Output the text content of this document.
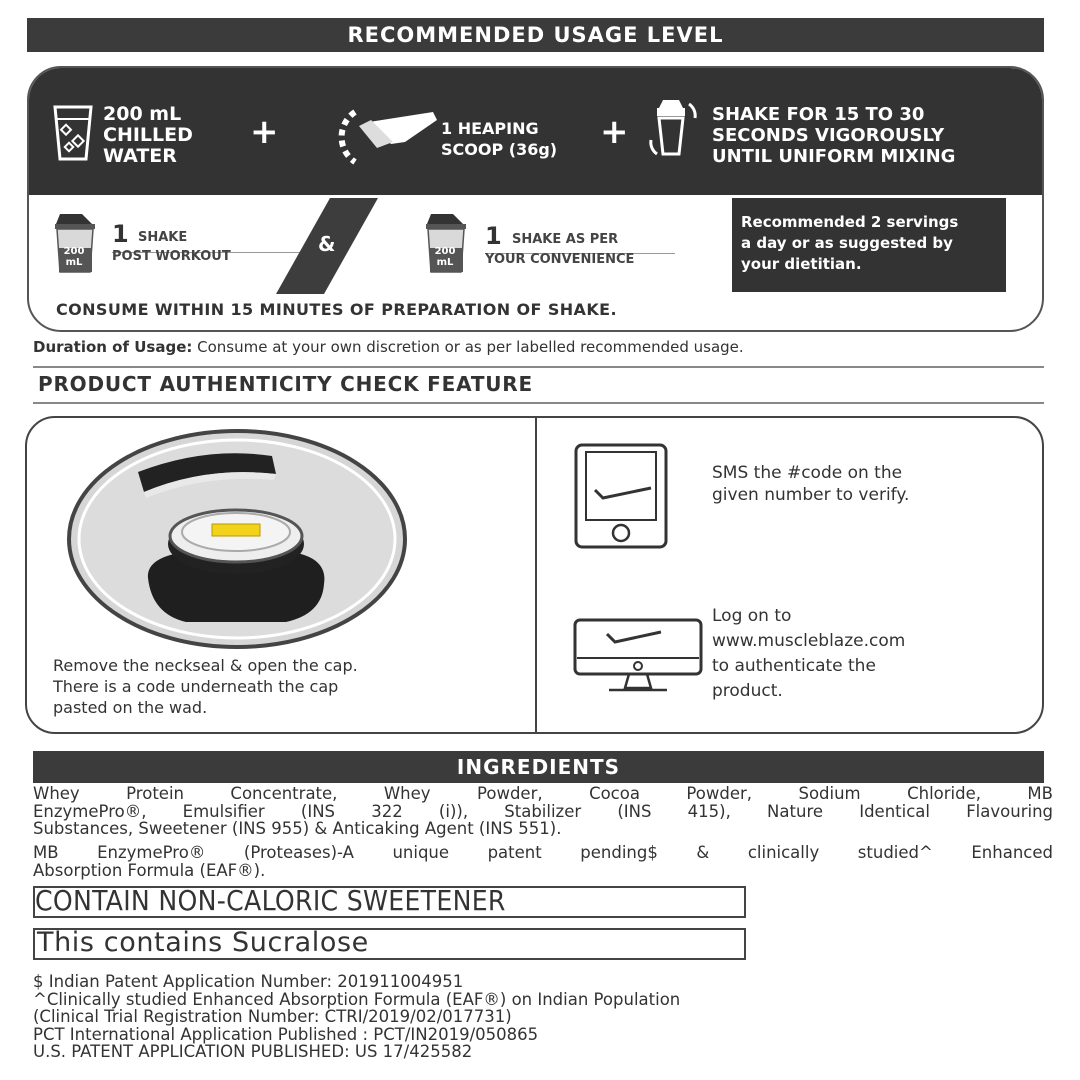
RECOMMENDED USAGE LEVEL
200 mL
CHILLED
WATER
+	1 HEAPING
SCOOP (36g) +	SHAKE FOR 15 TO 30
SECONDS VIGOROUSLY
UNTIL UNIFORM MIXING
200
mL
1 SHAKE
POST WORKOUT
&	200
mL
1 SHAKE AS PER
YOUR CONVENIENCE
Recommended 2 servings
a day or as suggested by
your dietitian.
CONSUME WITHIN 15 MINUTES OF PREPARATION OF SHAKE.
Duration of Usage: Consume at your own discretion or as per labelled recommended usage.
PRODUCT AUTHENTICITY CHECK FEATURE
Remove the neckseal & open the cap.
There is a code underneath the cap
pasted on the wad.
SMS the #code on the
given number to verify.
Log on to
www.muscleblaze.com
to authenticate the
product.
INGREDIENTS
Whey Protein Concentrate, Whey Powder, Cocoa Powder, Sodium Chloride, MB
EnzymePro®, Emulsifier (INS 322 (i)), Stabilizer (INS 415), Nature Identical Flavouring
Substances, Sweetener (INS 955) & Anticaking Agent (INS 551).
MB EnzymePro® (Proteases)-A unique patent pending$ & clinically studied^ Enhanced
Absorption Formula (EAF®).
CONTAIN NON-CALORIC SWEETENER
This contains Sucralose
$ Indian Patent Application Number: 201911004951
^Clinically studied Enhanced Absorption Formula (EAF®) on Indian Population
(Clinical Trial Registration Number: CTRI/2019/02/017731)
PCT International Application Published : PCT/IN2019/050865
U.S. PATENT APPLICATION PUBLISHED: US 17/425582
